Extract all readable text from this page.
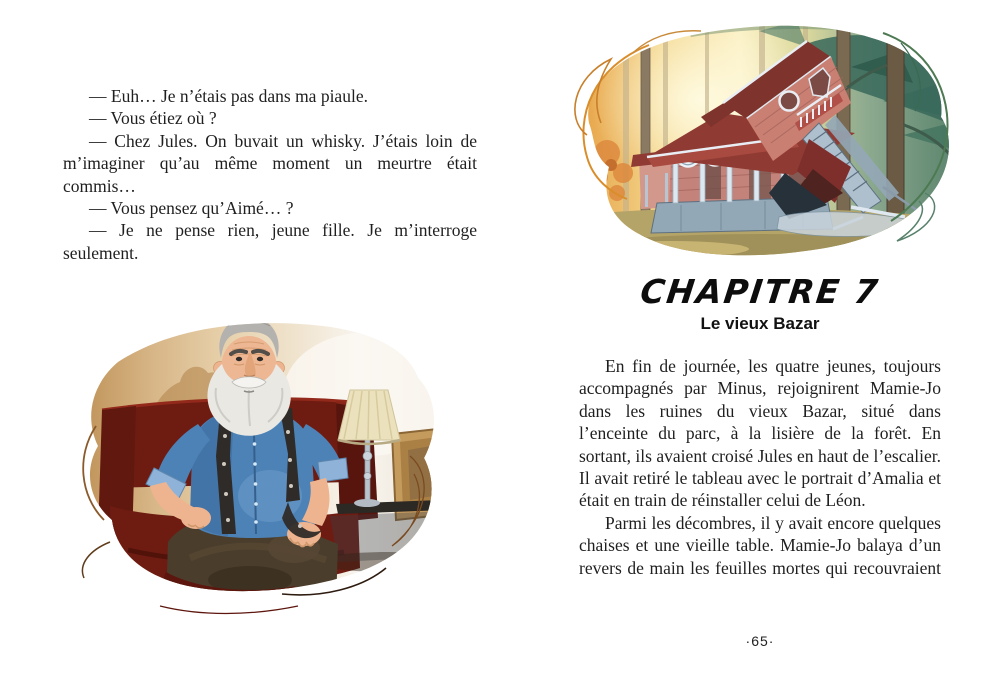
— Euh… Je n’étais pas dans ma piaule.

— Vous étiez où ?

— Chez Jules. On buvait un whisky. J’étais loin de m’imaginer qu’au même moment un meurtre était commis…

— Vous pensez qu’Aimé… ?

— Je ne pense rien, jeune fille. Je m’interroge seulement.

CHAPITRE 7
Le vieux Bazar

En fin de journée, les quatre jeunes, toujours accompagnés par Minus, rejoignirent Mamie-Jo dans les ruines du vieux Bazar, situé dans l’enceinte du parc, à la lisière de la forêt. En sortant, ils avaient croisé Jules en haut de l’escalier. Il avait retiré le tableau avec le portrait d’Amalia et était en train de réinstaller celui de Léon.

Parmi les décombres, il y avait encore quelques chaises et une vieille table. Mamie-Jo balaya d’un revers de main les feuilles mortes qui recouvraient

·65·
